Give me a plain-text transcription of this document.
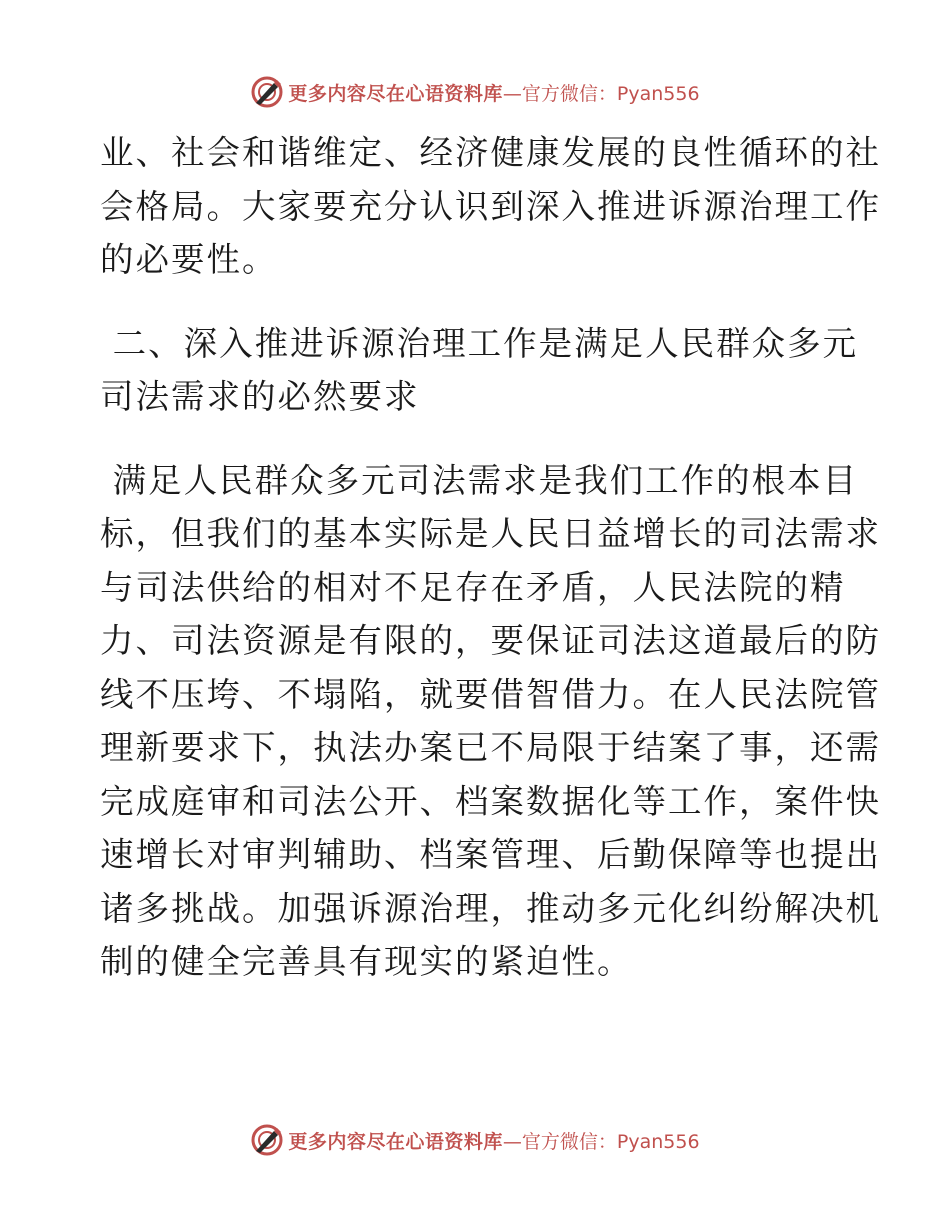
更多内容尽在心语资料库 —官方微信：Pyan556

业、社会和谐维定、经济健康发展的良性循环的社
会格局。大家要充分认识到深入推进诉源治理工作
的必要性。

二、深入推进诉源治理工作是满足人民群众多元
司法需求的必然要求

满足人民群众多元司法需求是我们工作的根本目
标，但我们的基本实际是人民日益增长的司法需求
与司法供给的相对不足存在矛盾，人民法院的精
力、司法资源是有限的，要保证司法这道最后的防
线不压垮、不塌陷，就要借智借力。在人民法院管
理新要求下，执法办案已不局限于结案了事，还需
完成庭审和司法公开、档案数据化等工作，案件快
速增长对审判辅助、档案管理、后勤保障等也提出
诸多挑战。加强诉源治理，推动多元化纠纷解决机
制的健全完善具有现实的紧迫性。

更多内容尽在心语资料库 —官方微信：Pyan556
